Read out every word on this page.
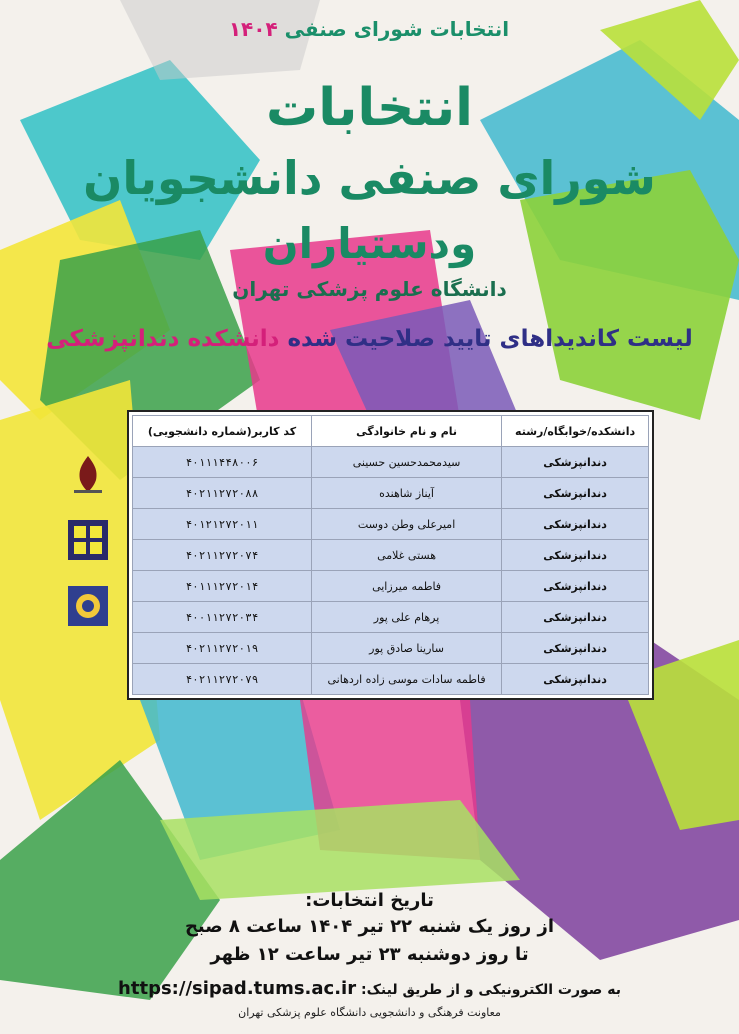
انتخابات شورای صنفی ۱۴۰۴
انتخابات
شورای صنفی دانشجویان
ودستیاران
دانشگاه علوم پزشکی تهران
لیست کاندیداهای تایید صلاحیت شده دانشکده دندانپزشکی

دانشکده/خوابگاه/رشته	نام و نام خانوادگی	کد کاربر(شماره دانشجویی)
دندانپزشکی	سیدمحمدحسین حسینی	۴۰۱۱۱۴۴۸۰۰۶
دندانپزشکی	آیناز شاهنده	۴۰۲۱۱۲۷۲۰۸۸
دندانپزشکی	امیرعلی وطن دوست	۴۰۱۲۱۲۷۲۰۱۱
دندانپزشکی	هستی غلامی	۴۰۲۱۱۲۷۲۰۷۴
دندانپزشکی	فاطمه میرزایی	۴۰۱۱۱۲۷۲۰۱۴
دندانپزشکی	پرهام علی پور	۴۰۰۱۱۲۷۲۰۳۴
دندانپزشکی	سارینا صادق پور	۴۰۲۱۱۲۷۲۰۱۹
دندانپزشکی	فاطمه سادات موسی زاده اردهانی	۴۰۲۱۱۲۷۲۰۷۹
تاریخ انتخابات:
از روز یک شنبه ۲۲ تیر ۱۴۰۴ ساعت ۸ صبح
تا روز دوشنبه ۲۳ تیر ساعت ۱۲ ظهر
به صورت الکترونیکی و از طریق لینک: https://sipad.tums.ac.ir
معاونت فرهنگی و دانشجویی دانشگاه علوم پزشکی تهران
